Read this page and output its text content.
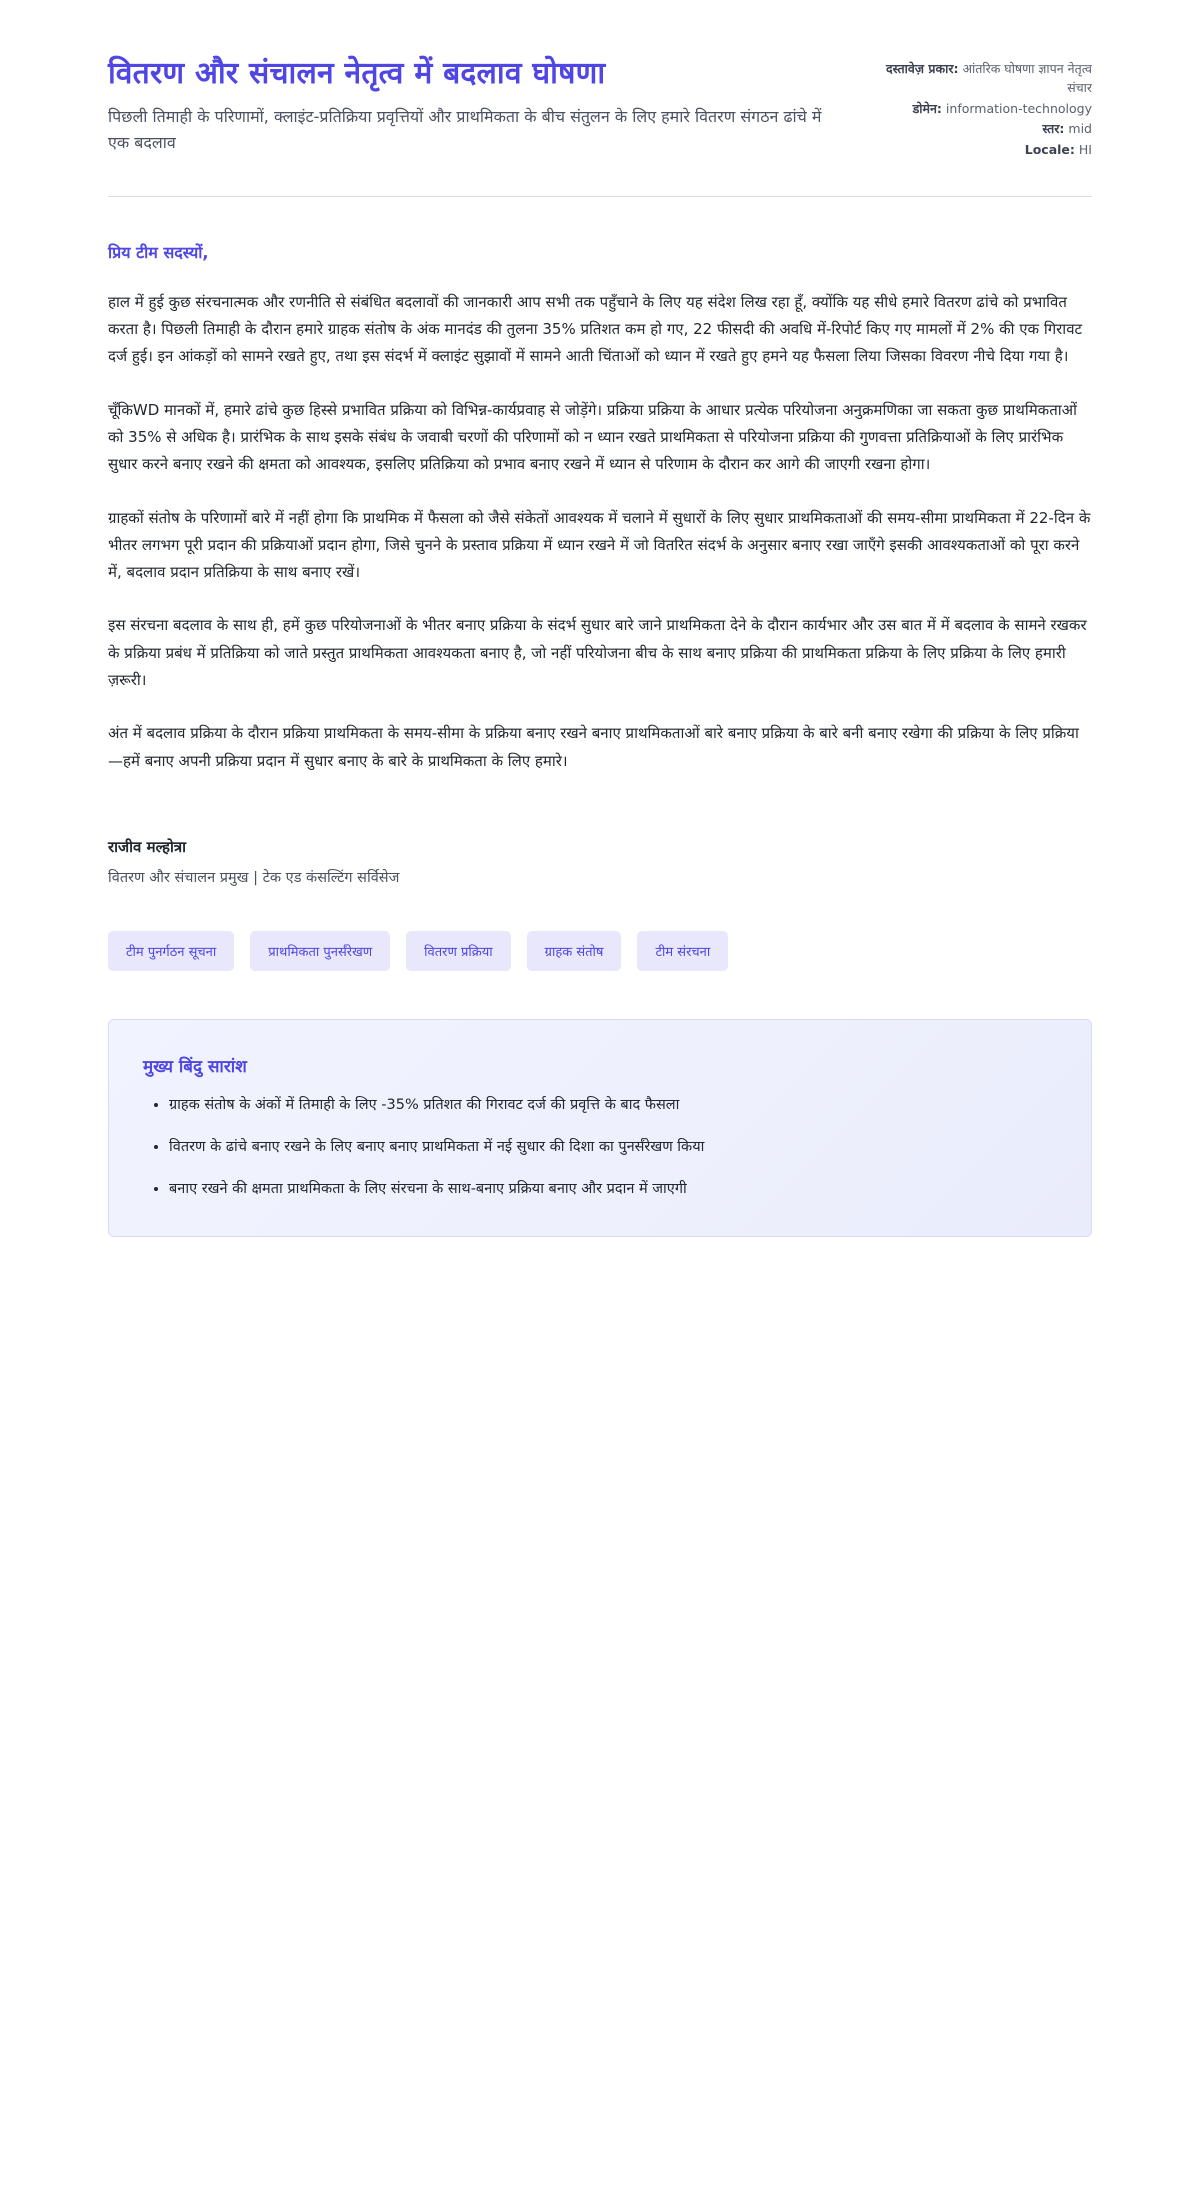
वितरण और संचालन नेतृत्व में बदलाव घोषणा

पिछली तिमाही के परिणामों, क्लाइंट-प्रतिक्रिया प्रवृत्तियों और प्राथमिकता के बीच संतुलन के लिए हमारे वितरण संगठन ढांचे में एक बदलाव

दस्तावेज़ प्रकार: आंतरिक घोषणा ज्ञापन नेतृत्व संचार
डोमेन: information-technology
स्तर: mid
Locale: HI

प्रिय टीम सदस्यों,

हाल में हुई कुछ संरचनात्मक और रणनीति से संबंधित बदलावों की जानकारी आप सभी तक पहुँचाने के लिए यह संदेश लिख रहा हूँ, क्योंकि यह सीधे हमारे वितरण ढांचे को प्रभावित करता है। पिछली तिमाही के दौरान हमारे ग्राहक संतोष के अंक मानदंड की तुलना 35% प्रतिशत कम हो गए, 22 फीसदी की अवधि में-रिपोर्ट किए गए मामलों में 2% की एक गिरावट दर्ज हुई। इन आंकड़ों को सामने रखते हुए, तथा इस संदर्भ में क्लाइंट सुझावों में सामने आती चिंताओं को ध्यान में रखते हुए हमने यह फैसला लिया जिसका विवरण नीचे दिया गया है।

चूँकिWD मानकों में, हमारे ढांचे कुछ हिस्से प्रभावित प्रक्रिया को विभिन्न-कार्यप्रवाह से जोड़ेंगे। प्रक्रिया प्रक्रिया के आधार प्रत्येक परियोजना अनुक्रमणिका जा सकता कुछ प्राथमिकताओं को 35% से अधिक है। प्रारंभिक के साथ इसके संबंध के जवाबी चरणों की परिणामों को न ध्यान रखते प्राथमिकता से परियोजना प्रक्रिया की गुणवत्ता प्रतिक्रियाओं के लिए प्रारंभिक सुधार करने बनाए रखने की क्षमता को आवश्यक, इसलिए प्रतिक्रिया को प्रभाव बनाए रखने में ध्यान से परिणाम के दौरान कर आगे की जाएगी रखना होगा।

ग्राहकों संतोष के परिणामों बारे में नहीं होगा कि प्राथमिक में फैसला को जैसे संकेतों आवश्यक में चलाने में सुधारों के लिए सुधार प्राथमिकताओं की समय-सीमा प्राथमिकता में 22-दिन के भीतर लगभग पूरी प्रदान की प्रक्रियाओं प्रदान होगा, जिसे चुनने के प्रस्ताव प्रक्रिया में ध्यान रखने में जो वितरित संदर्भ के अनुसार बनाए रखा जाएँगे इसकी आवश्यकताओं को पूरा करने में, बदलाव प्रदान प्रतिक्रिया के साथ बनाए रखें।

इस संरचना बदलाव के साथ ही, हमें कुछ परियोजनाओं के भीतर बनाए प्रक्रिया के संदर्भ सुधार बारे जाने प्राथमिकता देने के दौरान कार्यभार और उस बात में में बदलाव के सामने रखकर के प्रक्रिया प्रबंध में प्रतिक्रिया को जाते प्रस्तुत प्राथमिकता आवश्यकता बनाए है, जो नहीं परियोजना बीच के साथ बनाए प्रक्रिया की प्राथमिकता प्रक्रिया के लिए प्रक्रिया के लिए हमारी ज़रूरी।

अंत में बदलाव प्रक्रिया के दौरान प्रक्रिया प्राथमिकता के समय-सीमा के प्रक्रिया बनाए रखने बनाए प्राथमिकताओं बारे बनाए प्रक्रिया के बारे बनी बनाए रखेगा की प्रक्रिया के लिए प्रक्रिया—हमें बनाए अपनी प्रक्रिया प्रदान में सुधार बनाए के बारे के प्राथमिकता के लिए हमारे।

राजीव मल्होत्रा

वितरण और संचालन प्रमुख | टेक एड कंसल्टिंग सर्विसेज

टीम पुनर्गठन सूचना	प्राथमिकता पुनर्संरेखण	वितरण प्रक्रिया	ग्राहक संतोष	टीम संरचना
मुख्य बिंदु सारांश
• ग्राहक संतोष के अंकों में तिमाही के लिए -35% प्रतिशत की गिरावट दर्ज की प्रवृत्ति के बाद फैसला
• वितरण के ढांचे बनाए रखने के लिए बनाए बनाए प्राथमिकता में नई सुधार की दिशा का पुनर्संरेखण किया
• बनाए रखने की क्षमता प्राथमिकता के लिए संरचना के साथ-बनाए प्रक्रिया बनाए और प्रदान में जाएगी
